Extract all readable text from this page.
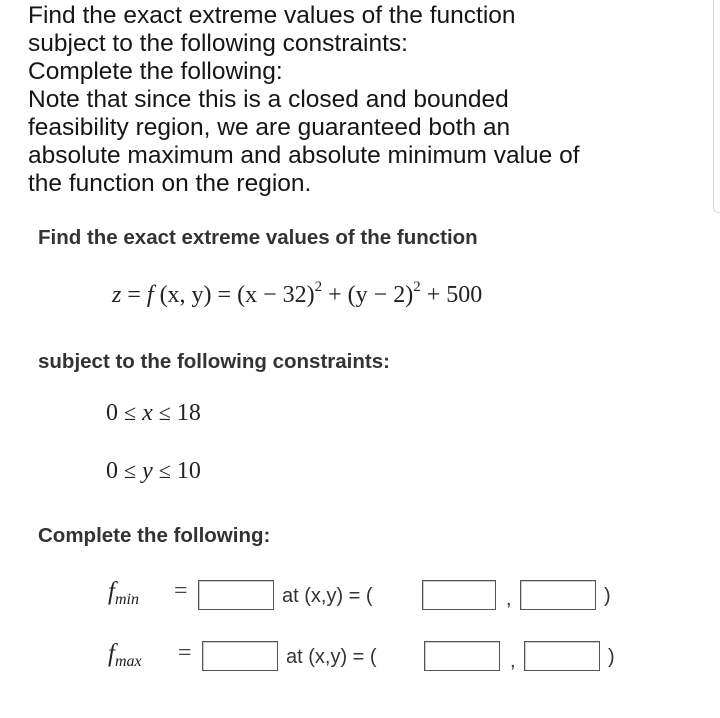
Find the exact extreme values of the function
subject to the following constraints:
Complete the following:
Note that since this is a closed and bounded
feasibility region, we are guaranteed both an
absolute maximum and absolute minimum value of
the function on the region.
Find the exact extreme values of the function
z = f (x, $y) = (x - 32)^2 + (y - 2)^2 + 500$
subject to the following constraints:
0 ≤ x ≤ 18
0 ≤ y ≤ 10
Complete the following:
$f_{min}$ =	at (x,y) = (	,	)
$f_{max}$ =	at (x,y) = (	,	)
